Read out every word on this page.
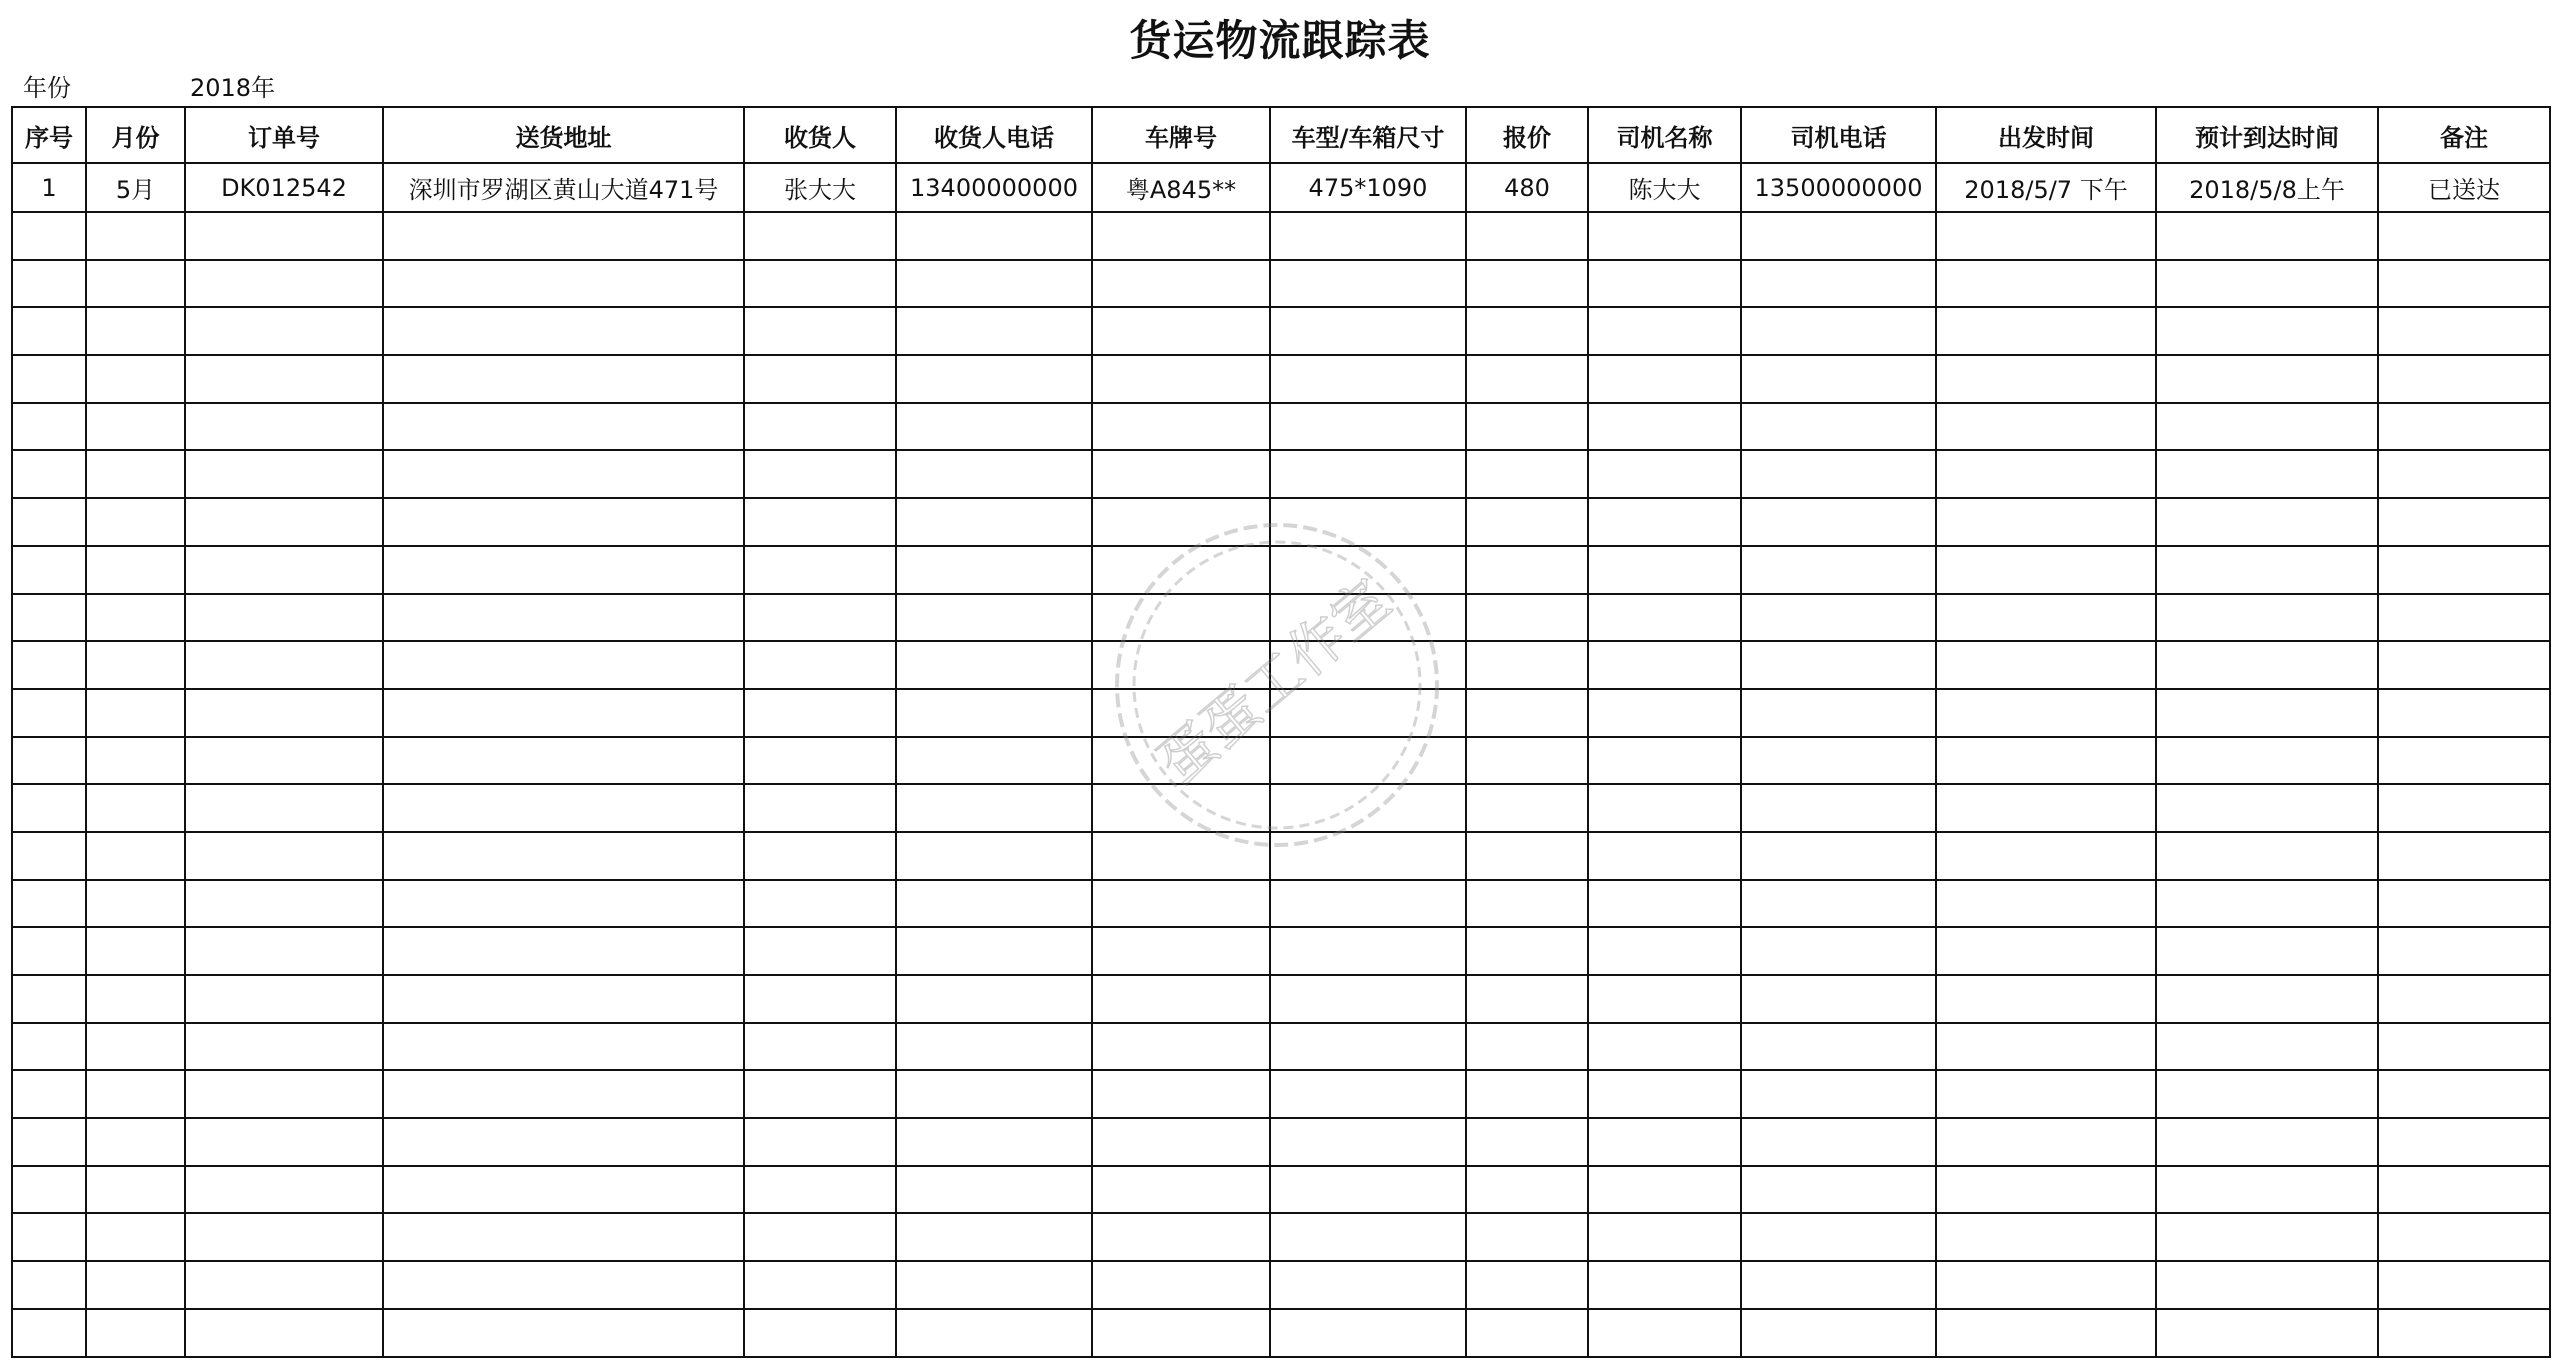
货运物流跟踪表
年份	2018年
序号	月份	订单号	送货地址	收货人	收货人电话	车牌号	车型/车箱尺寸	报价	司机名称	司机电话	出发时间	预计到达时间	备注
1	5月	DK012542	深圳市罗湖区黄山大道471号	张大大	13400000000	粤A845**	475*1090	480	陈大大	13500000000	2018/5/7 下午	2018/5/8上午	已送达

蛋蛋工作室
